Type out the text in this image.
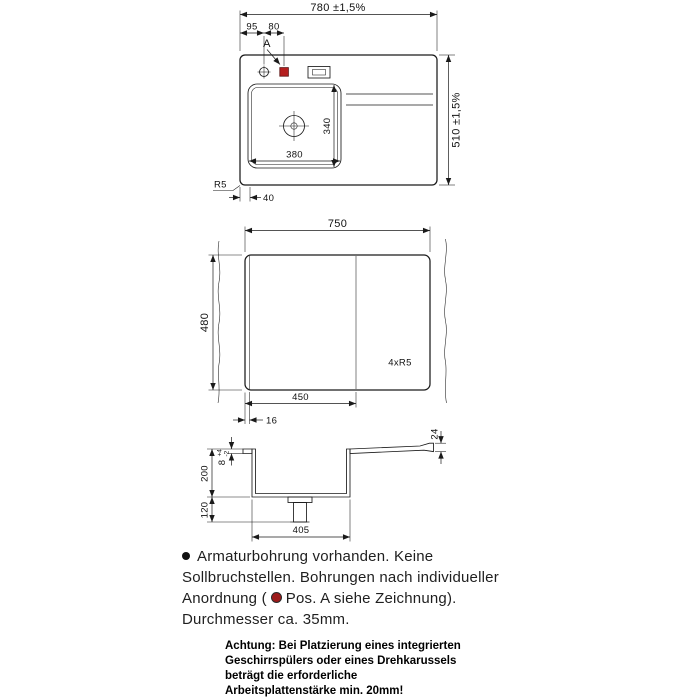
780 ±1,5%
95 80
A
340
380
510 ±1,5%
R5
40
750
480
4xR5
450
16
24
8
+4 -2
200
120
405
Armaturbohrung vorhanden. Keine
Sollbruchstellen. Bohrungen nach individueller
Anordnung ( Pos. A siehe Zeichnung).
Durchmesser ca. 35mm.
Achtung: Bei Platzierung eines integrierten
Geschirrspülers oder eines Drehkarussels
beträgt die erforderliche
Arbeitsplattenstärke min. 20mm!
